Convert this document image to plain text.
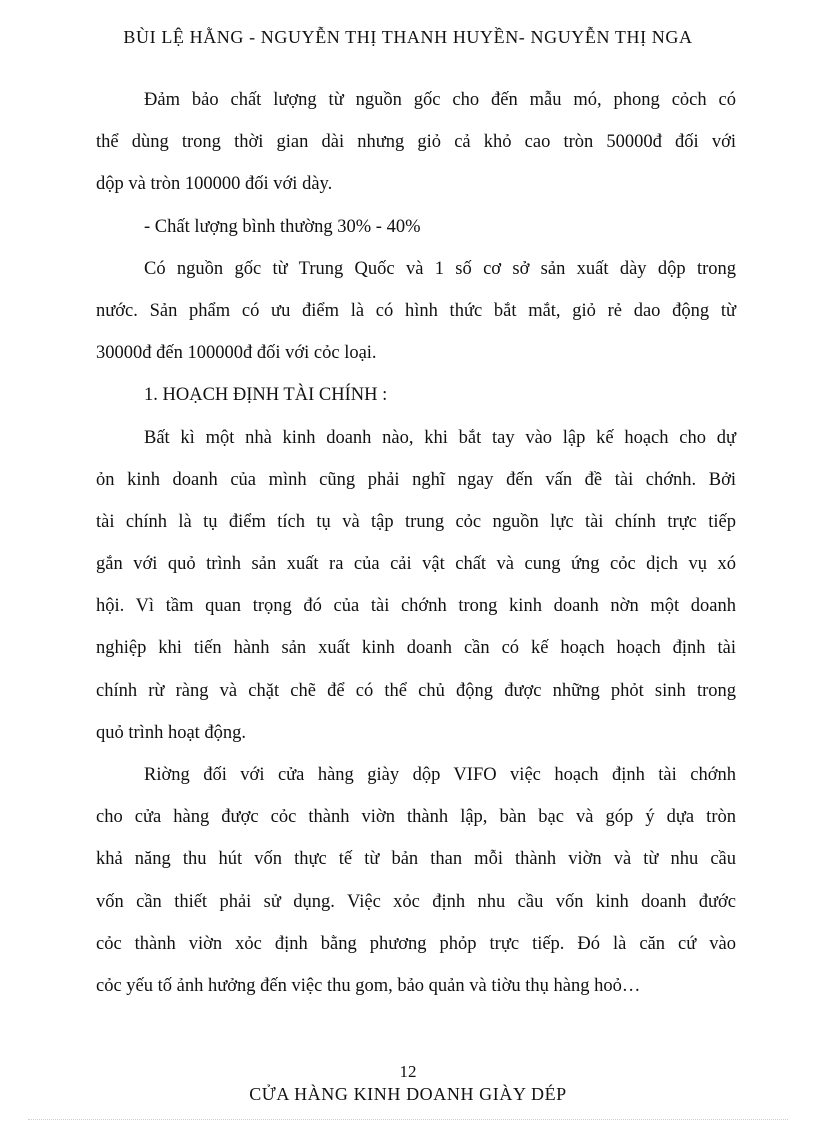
BÙI LỆ HẰNG - NGUYỄN THỊ THANH HUYỀN- NGUYỄN THỊ NGA
Đảm bảo chất lượng từ nguồn gốc cho đến mẫu mó, phong cỏch có
thể dùng trong thời gian dài nhưng giỏ cả khỏ cao tròn 50000đ đối với
dộp và tròn 100000 đối với dày.
- Chất lượng bình thường 30% - 40%
Có nguồn gốc từ Trung Quốc và 1 số cơ sở sản xuất dày dộp trong
nước. Sản phẩm có ưu điểm là có hình thức bắt mắt, giỏ rẻ dao động từ
30000đ đến 100000đ đối với cỏc loại.
1. HOẠCH ĐỊNH TÀI CHÍNH :
Bất kì một nhà kinh doanh nào, khi bắt tay vào lập kế hoạch cho dự
ỏn kinh doanh của mình cũng phải nghĩ ngay đến vấn đề tài chớnh. Bởi
tài chính là tụ điểm tích tụ và tập trung cỏc nguồn lực tài chính trực tiếp
gắn với quỏ trình sản xuất ra của cải vật chất và cung ứng cỏc dịch vụ xó
hội. Vì tầm quan trọng đó của tài chớnh trong kinh doanh nờn một doanh
nghiệp khi tiến hành sản xuất kinh doanh cần có kế hoạch hoạch định tài
chính rừ ràng và chặt chẽ để có thể chủ động được những phỏt sinh trong
quỏ trình hoạt động.
Riờng đối với cửa hàng giày dộp VIFO việc hoạch định tài chớnh
cho cửa hàng được cỏc thành viờn thành lập, bàn bạc và góp ý dựa tròn
khả năng thu hút vốn thực tế từ bản than mỗi thành viờn và từ nhu cầu
vốn cần thiết phải sử dụng. Việc xỏc định nhu cầu vốn kinh doanh đước
cỏc thành viờn xỏc định bằng phương phỏp trực tiếp. Đó là căn cứ vào
cỏc yếu tố ảnh hưởng đến việc thu gom, bảo quản và tiờu thụ hàng hoỏ…
12
CỬA HÀNG KINH DOANH GIÀY DÉP
